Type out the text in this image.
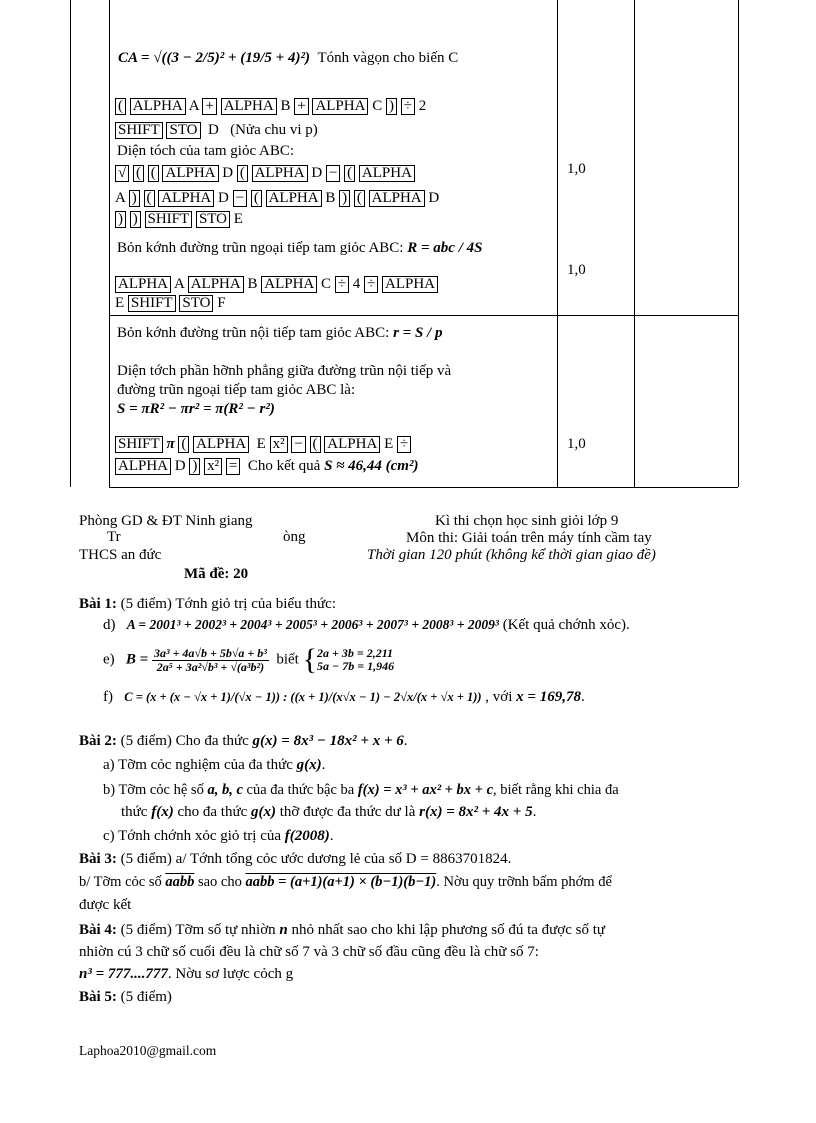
CA = √((3 − 2/5)² + (19/5 + 4)²) Tónh vàgọn cho biến C
( ALPHA A + ALPHA B + ALPHA C ) ÷ 2
SHIFT STO D (Nửa chu vi p)
Diện tóch của tam giỏc ABC:
√ ( ( ALPHA D ( ALPHA D − ( ALPHA
A ) ( ALPHA D − ( ALPHA B ) ( ALPHA D
) ) SHIFT STO E
1,0
Bỏn kớnh đường trũn ngoại tiếp tam giỏc ABC: R = abc / 4S
ALPHA A ALPHA B ALPHA C ÷ 4 ÷ ALPHA
E SHIFT STO F
1,0
Bỏn kớnh đường trũn nội tiếp tam giỏc ABC: r = S / p
Diện tớch phần hỡnh phẳng giữa đường trũn nội tiếp và
đường trũn ngoại tiếp tam giỏc ABC là:
S = πR² − πr² = π(R² − r²)
SHIFT π ( ALPHA E x² − ( ALPHA E ÷
ALPHA D ) x² = Cho kết quả S ≈ 46,44 (cm²)
1,0
Phòng GD & ĐT Ninh giang
Tr	òng
THCS an đức
Mã đề: 20
Kì thi chọn học sinh giỏi lớp 9
Môn thi: Giải toán trên máy tính cầm tay
Thời gian 120 phút (không kể thời gian giao đề)
Bài 1: (5 điểm) Tớnh giỏ trị của biểu thức:
d) A = 2001³ + 2002³ + 2004³ + 2005³ + 2006³ + 2007³ + 2008³ + 2009³ (Kết quả chớnh xỏc).
e) $B = \frac{\text{3a³ + 4a√b + 5b√a + b³}}{\text{2a⁵ + 3a²√b³ + √(a³b²)}}$ biết { 2a + 3b = 2,211
5a − 7b = 1,946
f) C = (x + (x − √x + 1)/(√x − 1)) : ((x + 1)/(x√x − 1) − 2√x/(x + √x + 1)) , với x = 169,78.
Bài 2: (5 điểm) Cho đa thức g(x) = 8x³ − 18x² + x + 6.
a) Tỡm cỏc nghiệm của đa thức g(x).
b) Tỡm cỏc hệ số a, b, c của đa thức bậc ba f(x) = x³ + ax² + bx + c, biết rằng khi chia đa
thức f(x) cho đa thức g(x) thỡ được đa thức dư là r(x) = 8x² + 4x + 5.
c) Tớnh chớnh xỏc giỏ trị của f(2008).
Bài 3: (5 điểm) a/ Tớnh tổng cỏc ước dương lẻ của số D = 8863701824.
b/ Tỡm cỏc số aabb sao cho aabb = (a+1)(a+1) × (b−1)(b−1). Nờu quy trỡnh bấm phớm để
được kết
Bài 4: (5 điểm) Tỡm số tự nhiờn n nhỏ nhất sao cho khi lập phương số đú ta được số tự
nhiờn cú 3 chữ số cuối đều là chữ số 7 và 3 chữ số đầu cũng đều là chữ số 7:
n³ = 777....777. Nờu sơ lược cỏch g
Bài 5: (5 điểm)
Laphoa2010@gmail.com
